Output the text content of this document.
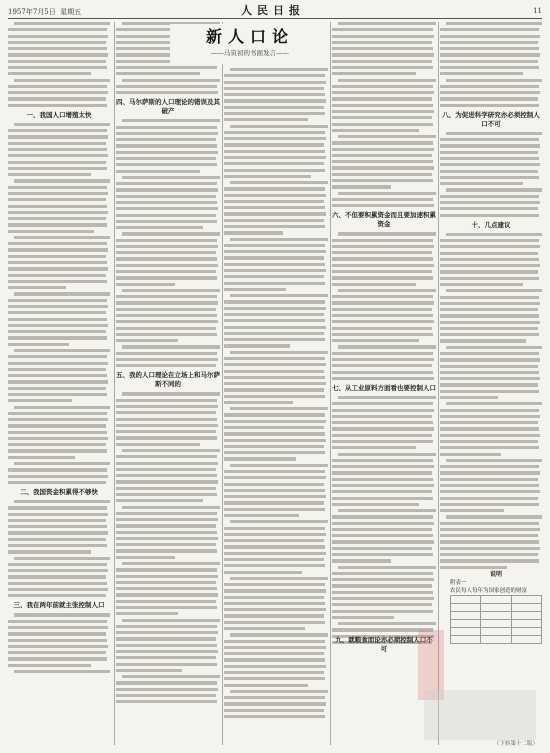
1957年7月5日 星期五	11
人民日报
一、我国人口增殖太快
二、我国资金积累得不够快
三、我在两年前就主张控制人口
四、马尔萨斯的人口理论的错误及其破产
五、我的人口理论在立场上和马尔萨斯不同的
六、不但要积累资金而且要加速积累资金
七、从工业原料方面看也要控制人口
八、为促进科学研究亦必须控制人口不可
十、几点建议
新人口论
——马寅初的书面发言——
九、就粮食而论亦必须控制人口不可
说明
附表一
农民每人每年为国家创造的财富

（下转第十二版）
